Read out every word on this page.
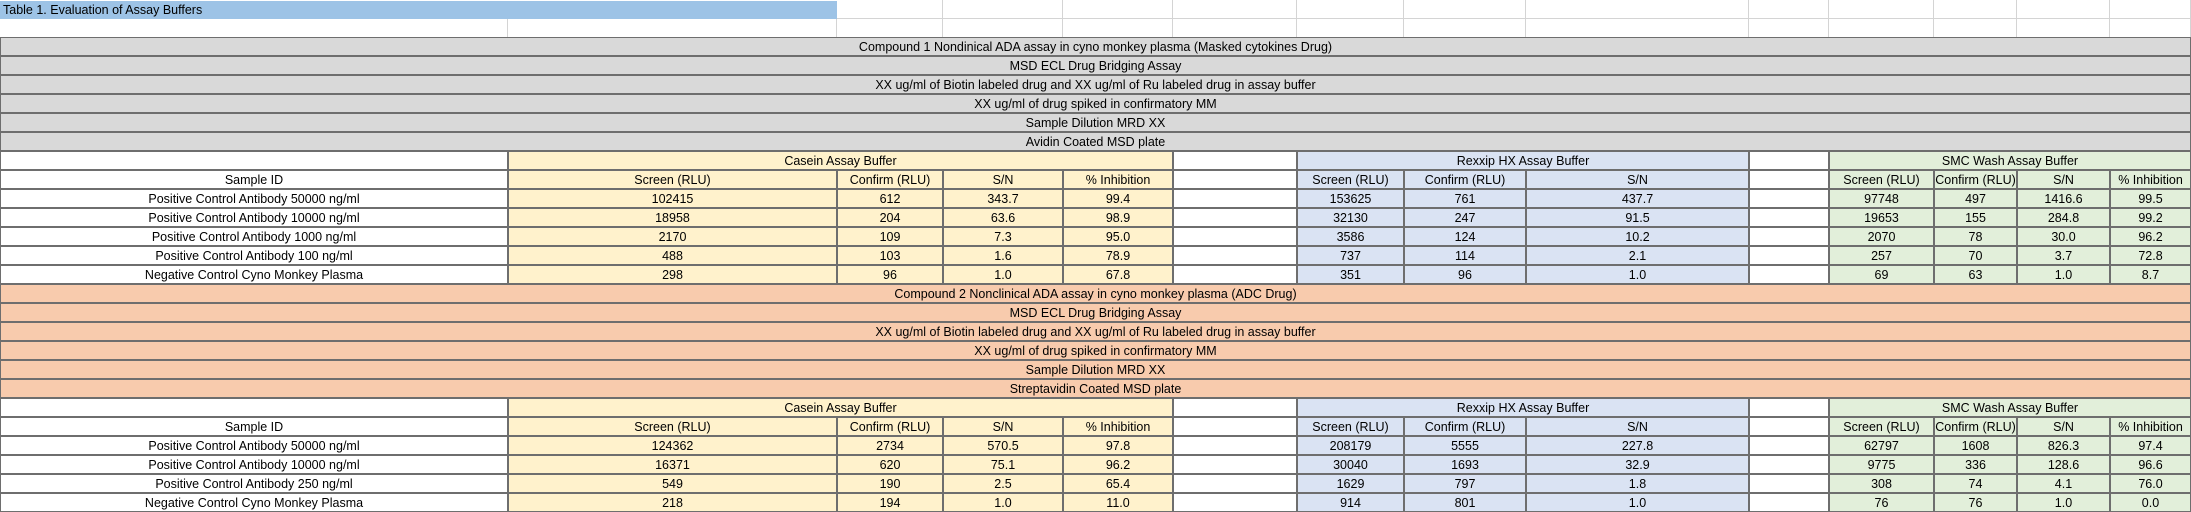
Table 1. Evaluation of Assay Buffers
Compound 1 Nondinical ADA assay in cyno monkey plasma (Masked cytokines Drug)
MSD ECL Drug Bridging Assay
XX ug/ml of Biotin labeled drug and XX ug/ml of Ru labeled drug in assay buffer
XX ug/ml of drug spiked in confirmatory MM
Sample Dilution MRD XX
Avidin Coated MSD plate
Casein Assay Buffer	Rexxip HX Assay Buffer	SMC Wash Assay Buffer
Sample ID	Screen (RLU)	Confirm (RLU)	S/N	% Inhibition	Screen (RLU)	Confirm (RLU)	S/N	Screen (RLU)	Confirm (RLU)	S/N	% Inhibition
Positive Control Antibody 50000 ng/ml	102415	612	343.7	99.4	153625	761	437.7	97748	497	1416.6	99.5
Positive Control Antibody 10000 ng/ml	18958	204	63.6	98.9	32130	247	91.5	19653	155	284.8	99.2
Positive Control Antibody 1000 ng/ml	2170	109	7.3	95.0	3586	124	10.2	2070	78	30.0	96.2
Positive Control Antibody 100 ng/ml	488	103	1.6	78.9	737	114	2.1	257	70	3.7	72.8
Negative Control Cyno Monkey Plasma	298	96	1.0	67.8	351	96	1.0	69	63	1.0	8.7
Compound 2 Nonclinical ADA assay in cyno monkey plasma (ADC Drug)
MSD ECL Drug Bridging Assay
XX ug/ml of Biotin labeled drug and XX ug/ml of Ru labeled drug in assay buffer
XX ug/ml of drug spiked in confirmatory MM
Sample Dilution MRD XX
Streptavidin Coated MSD plate
Casein Assay Buffer	Rexxip HX Assay Buffer	SMC Wash Assay Buffer
Sample ID	Screen (RLU)	Confirm (RLU)	S/N	% Inhibition	Screen (RLU)	Confirm (RLU)	S/N	Screen (RLU)	Confirm (RLU)	S/N	% Inhibition
Positive Control Antibody 50000 ng/ml	124362	2734	570.5	97.8	208179	5555	227.8	62797	1608	826.3	97.4
Positive Control Antibody 10000 ng/ml	16371	620	75.1	96.2	30040	1693	32.9	9775	336	128.6	96.6
Positive Control Antibody 250 ng/ml	549	190	2.5	65.4	1629	797	1.8	308	74	4.1	76.0
Negative Control Cyno Monkey Plasma	218	194	1.0	11.0	914	801	1.0	76	76	1.0	0.0
